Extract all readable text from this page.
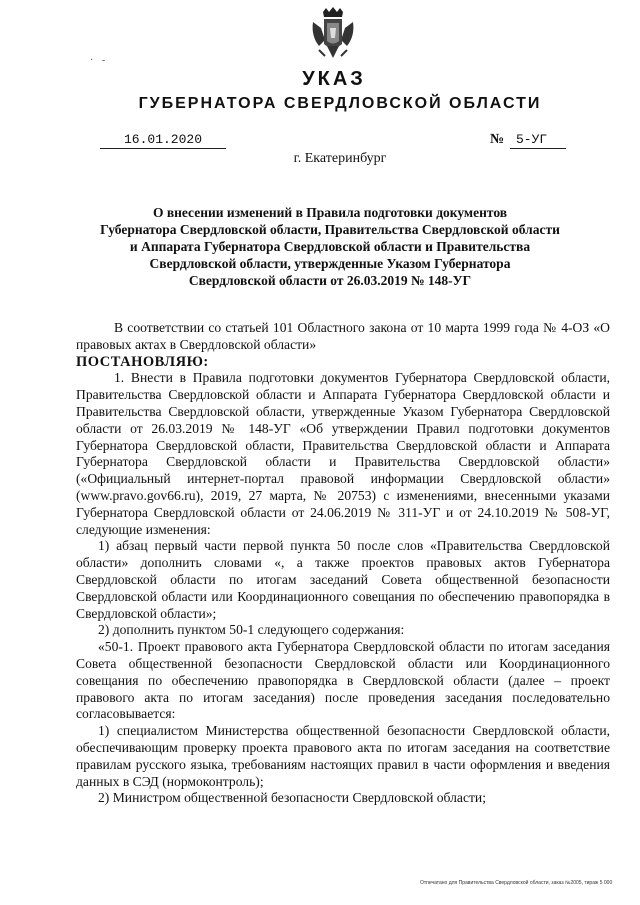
· -
УКАЗ
ГУБЕРНАТОРА СВЕРДЛОВСКОЙ ОБЛАСТИ
16.01.2020	№ 5-УГ
г. Екатеринбург
О внесении изменений в Правила подготовки документов
Губернатора Свердловской области, Правительства Свердловской области
и Аппарата Губернатора Свердловской области и Правительства
Свердловской области, утвержденные Указом Губернатора
Свердловской области от 26.03.2019 № 148-УГ

В соответствии со статьей 101 Областного закона от 10 марта 1999 года № 4-ОЗ «О правовых актах в Свердловской области»

ПОСТАНОВЛЯЮ:

1. Внести в Правила подготовки документов Губернатора Свердловской области, Правительства Свердловской области и Аппарата Губернатора Свердловской области и Правительства Свердловской области, утвержденные Указом Губернатора Свердловской области от 26.03.2019 № 148-УГ «Об утверждении Правил подготовки документов Губернатора Свердловской области, Правительства Свердловской области и Аппарата Губернатора Свердловской области и Правительства Свердловской области» («Официальный интернет-портал правовой информации Свердловской области» (www.pravo.gov66.ru), 2019, 27 марта, № 20753) с изменениями, внесенными указами Губернатора Свердловской области от 24.06.2019 № 311-УГ и от 24.10.2019 № 508-УГ, следующие изменения:

1) абзац первый части первой пункта 50 после слов «Правительства Свердловской области» дополнить словами «, а также проектов правовых актов Губернатора Свердловской области по итогам заседаний Совета общественной безопасности Свердловской области или Координационного совещания по обеспечению правопорядка в Свердловской области»;

2) дополнить пунктом 50-1 следующего содержания:

«50-1. Проект правового акта Губернатора Свердловской области по итогам заседания Совета общественной безопасности Свердловской области или Координационного совещания по обеспечению правопорядка в Свердловской области (далее – проект правового акта по итогам заседания) после проведения заседания последовательно согласовывается:

1) специалистом Министерства общественной безопасности Свердловской области, обеспечивающим проверку проекта правового акта по итогам заседания на соответствие правилам русского языка, требованиям настоящих правил в части оформления и введения данных в СЭД (нормоконтроль);

2) Министром общественной безопасности Свердловской области;

Отпечатано для Правительства Свердловской области, заказ №2005, тираж 5 000
